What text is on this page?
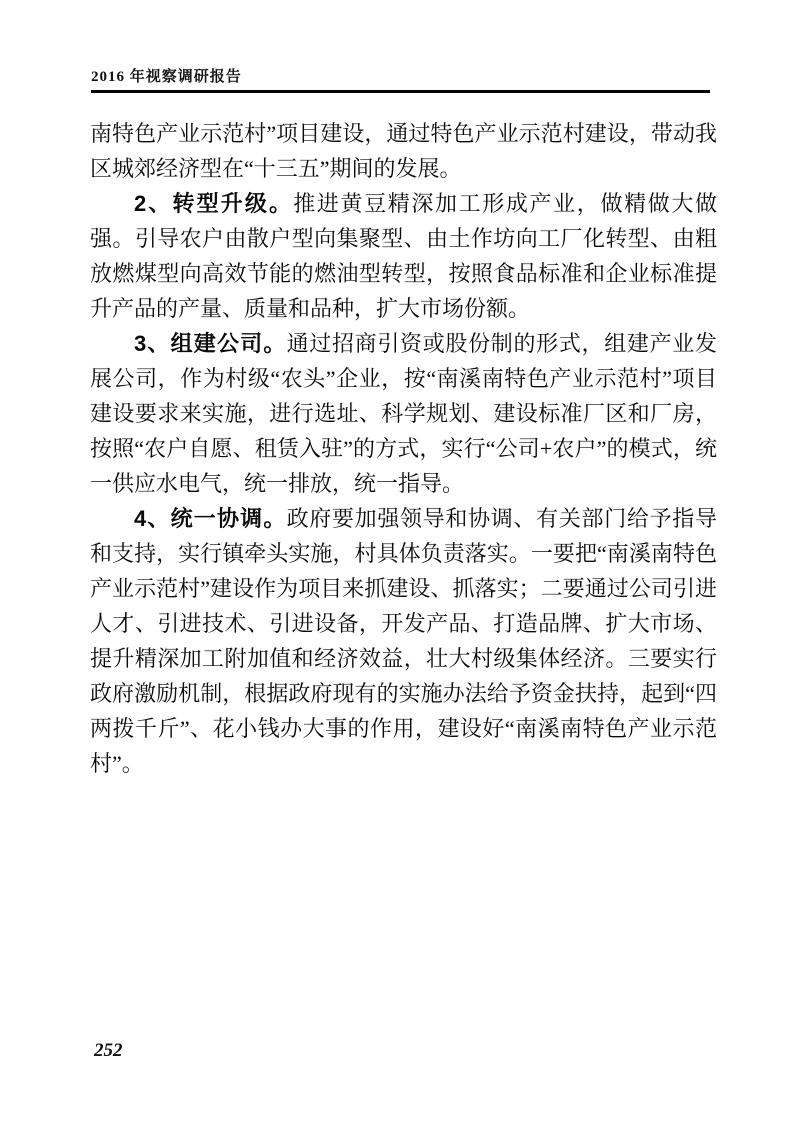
2016 年视察调研报告

南特色产业示范村”项目建设，通过特色产业示范村建设，带动我区城郊经济型在“十三五”期间的发展。

2、转型升级。推进黄豆精深加工形成产业，做精做大做强。引导农户由散户型向集聚型、由土作坊向工厂化转型、由粗放燃煤型向高效节能的燃油型转型，按照食品标准和企业标准提升产品的产量、质量和品种，扩大市场份额。

3、组建公司。通过招商引资或股份制的形式，组建产业发展公司，作为村级“农头”企业，按“南溪南特色产业示范村”项目建设要求来实施，进行选址、科学规划、建设标准厂区和厂房，按照“农户自愿、租赁入驻”的方式，实行“公司+农户”的模式，统一供应水电气，统一排放，统一指导。

4、统一协调。政府要加强领导和协调、有关部门给予指导和支持，实行镇牵头实施，村具体负责落实。一要把“南溪南特色产业示范村”建设作为项目来抓建设、抓落实；二要通过公司引进人才、引进技术、引进设备，开发产品、打造品牌、扩大市场、提升精深加工附加值和经济效益，壮大村级集体经济。三要实行政府激励机制，根据政府现有的实施办法给予资金扶持，起到“四两拨千斤”、花小钱办大事的作用，建设好“南溪南特色产业示范村”。

252
